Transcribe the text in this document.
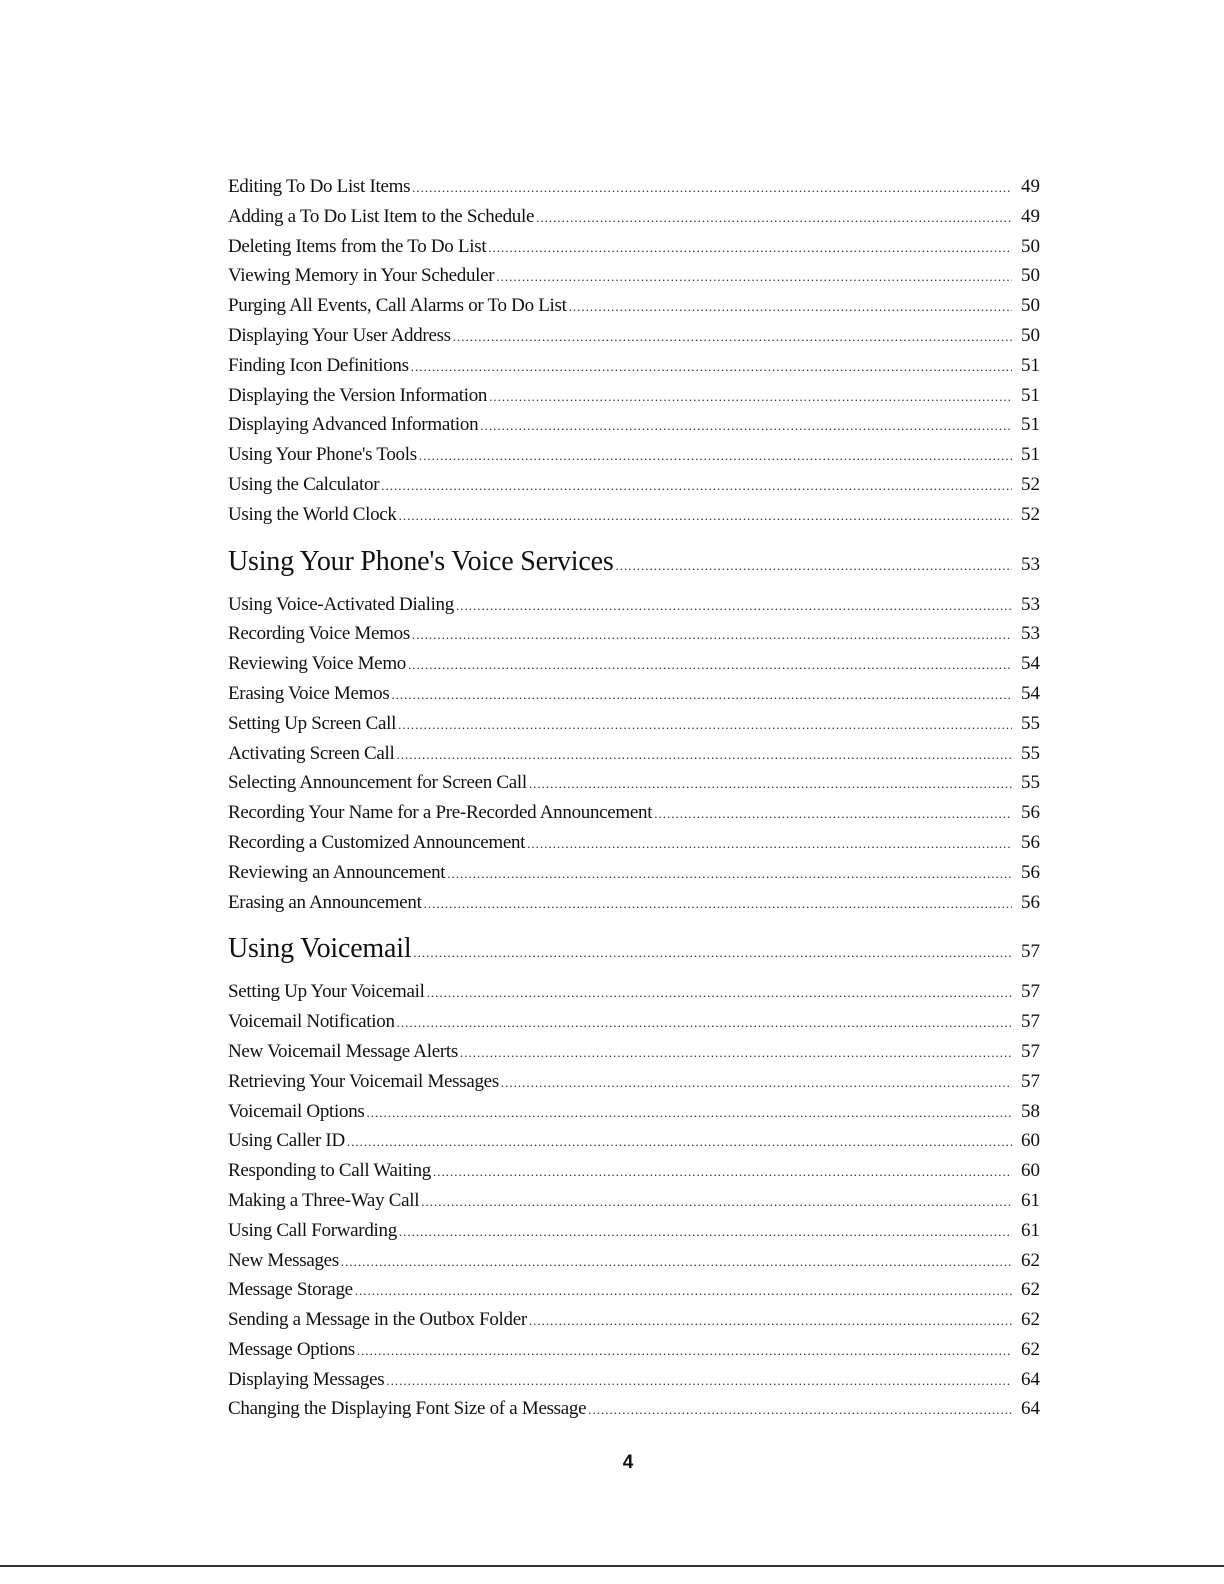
Editing To Do List Items .....	49
Adding a To Do List Item to the Schedule .....	49
Deleting Items from the To Do List .....	50
Viewing Memory in Your Scheduler .....	50
Purging All Events, Call Alarms or To Do List .....	50
Displaying Your User Address .....	50
Finding Icon Definitions .....	51
Displaying the Version Information .....	51
Displaying Advanced Information .....	51
Using Your Phone's Tools .....	51
Using the Calculator .....	52
Using the World Clock .....	52
Using Your Phone's Voice Services .....	53
Using Voice-Activated Dialing .....	53
Recording Voice Memos .....	53
Reviewing Voice Memo .....	54
Erasing Voice Memos .....	54
Setting Up Screen Call .....	55
Activating Screen Call .....	55
Selecting Announcement for Screen Call .....	55
Recording Your Name for a Pre-Recorded Announcement .....	56
Recording a Customized Announcement .....	56
Reviewing an Announcement .....	56
Erasing an Announcement .....	56
Using Voicemail .....	57
Setting Up Your Voicemail .....	57
Voicemail Notification .....	57
New Voicemail Message Alerts .....	57
Retrieving Your Voicemail Messages .....	57
Voicemail Options .....	58
Using Caller ID .....	60
Responding to Call Waiting .....	60
Making a Three-Way Call .....	61
Using Call Forwarding .....	61
New Messages .....	62
Message Storage .....	62
Sending a Message in the Outbox Folder .....	62
Message Options .....	62
Displaying Messages .....	64
Changing the Displaying Font Size of a Message .....	64
4
